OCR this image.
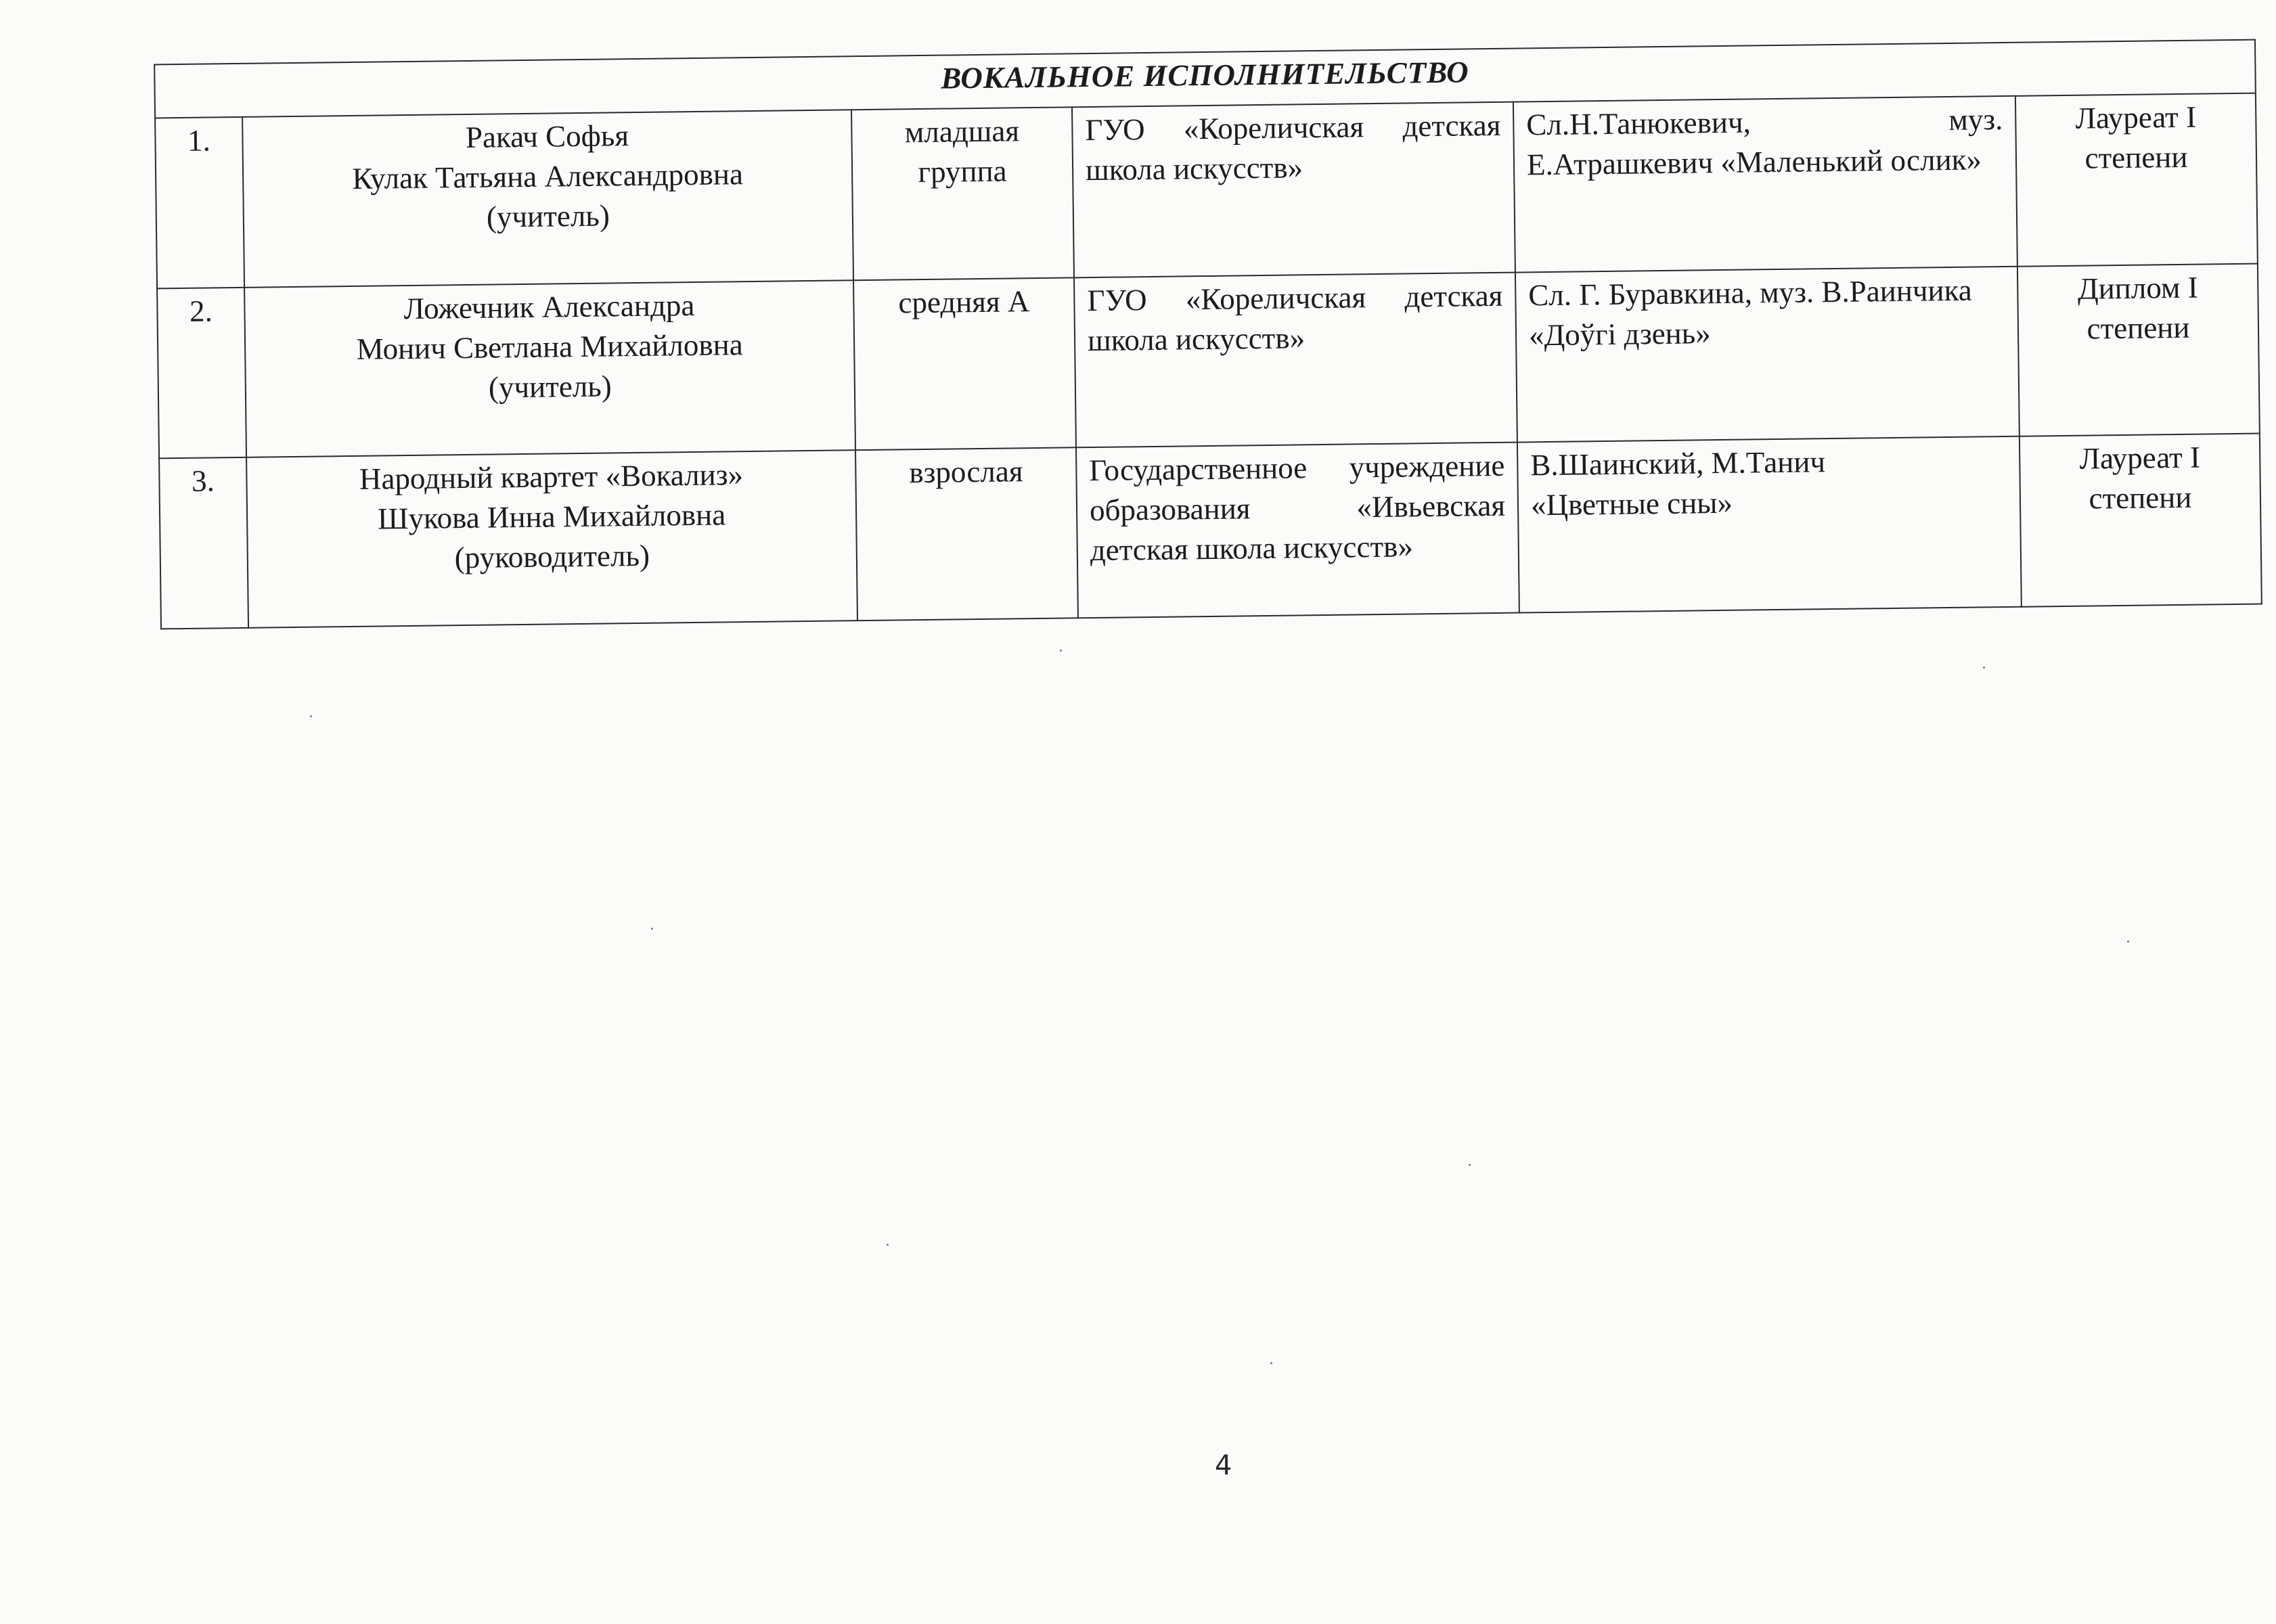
ВОКАЛЬНОЕ ИСПОЛНИТЕЛЬСТВО					
1.	Ракач Софья
Кулак Татьяна Александровна
(учитель)	младшая
группа	ГУО «Кореличская детская школа искусств»	Сл.Н.Танюкевич, муз. Е.Атрашкевич «Маленький ослик»	Лауреат I
степени

2.	Ложечник Александра
Монич Светлана Михайловна
(учитель)	средняя А	ГУО «Кореличская детская школа искусств»	Сл. Г. Буравкина, муз. В.Раинчика
«Доўгі дзень»	Диплом I
степени

3.	Народный квартет «Вокализ»
Шукова Инна Михайловна
(руководитель)	взрослая	Государственное учреждение образования «Ивьевская детская школа искусств»	В.Шаинский, М.Танич
«Цветные сны»	Лауреат I
степени
4
